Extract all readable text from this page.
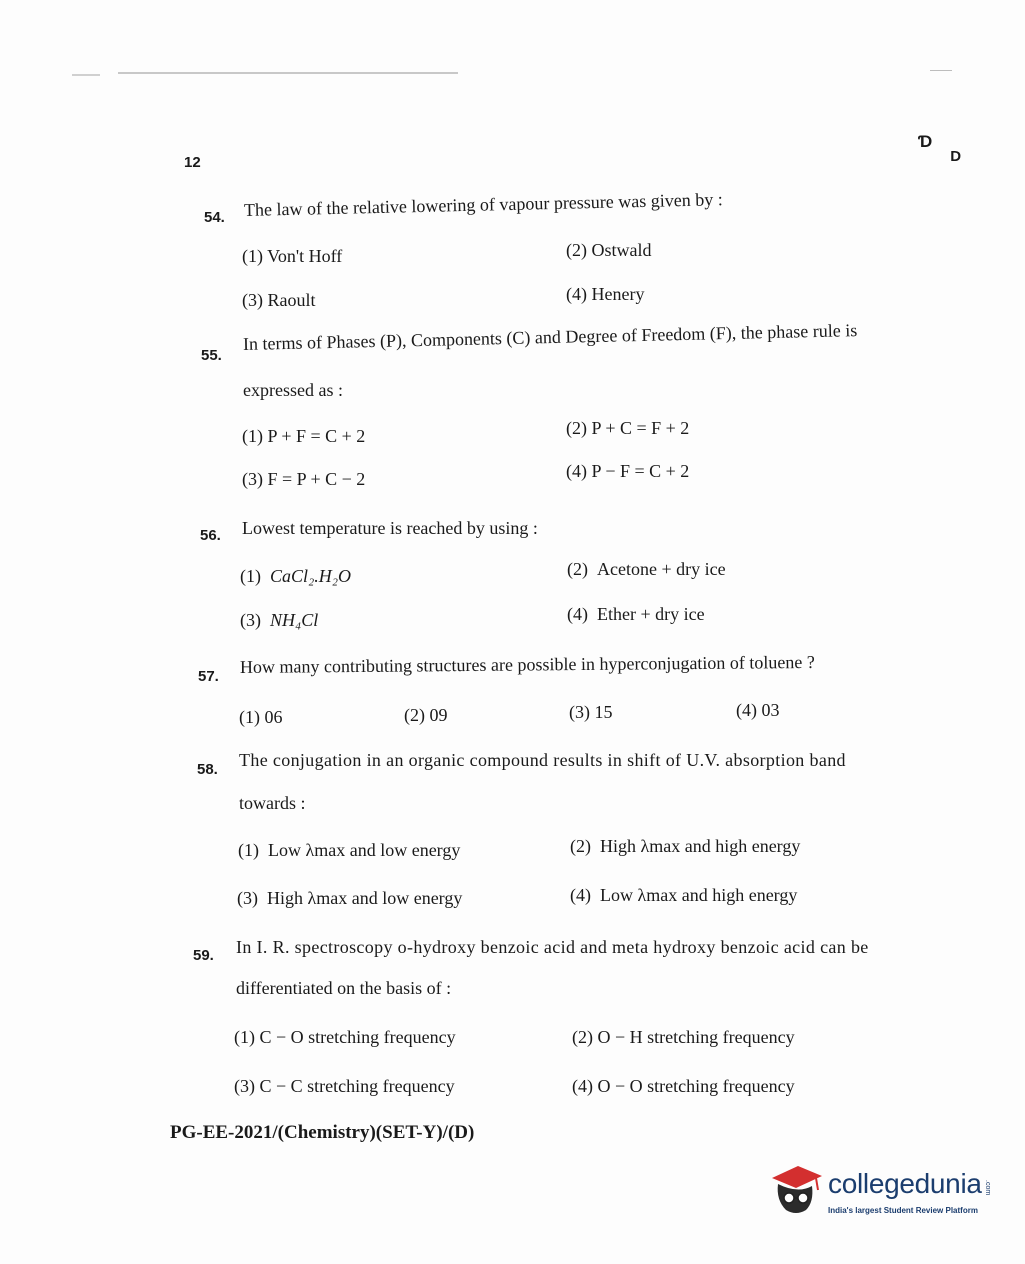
12
ƊD
54. The law of the relative lowering of vapour pressure was given by :
(1) Von't Hoff	(2) Ostwald
(3) Raoult	(4) Henery
55.
In terms of Phases (P), Components (C) and Degree of Freedom (F), the phase rule is
expressed as :
(1) P + F = C + 2	(2) P + C = F + 2
(3) F = P + C − 2	(4) P − F = C + 2
56. Lowest temperature is reached by using :
(1) CaCl₂.H₂O	(2) Acetone + dry ice
(3) NH₄Cl	(4) Ether + dry ice
57. How many contributing structures are possible in hyperconjugation of toluene ?
(1) 06	(2) 09	(3) 15	(4) 03
58. The conjugation in an organic compound results in shift of U.V. absorption band
towards :
(1) Low λmax and low energy	(2) High λmax and high energy
(3) High λmax and low energy	(4) Low λmax and high energy
59. In I. R. spectroscopy o-hydroxy benzoic acid and meta hydroxy benzoic acid can be
differentiated on the basis of :
(1) C − O stretching frequency	(2) O − H stretching frequency
(3) C − C stretching frequency	(4) O − O stretching frequency
PG-EE-2021/(Chemistry)(SET-Y)/(D)
collegedunia .com
India's largest Student Review Platform
